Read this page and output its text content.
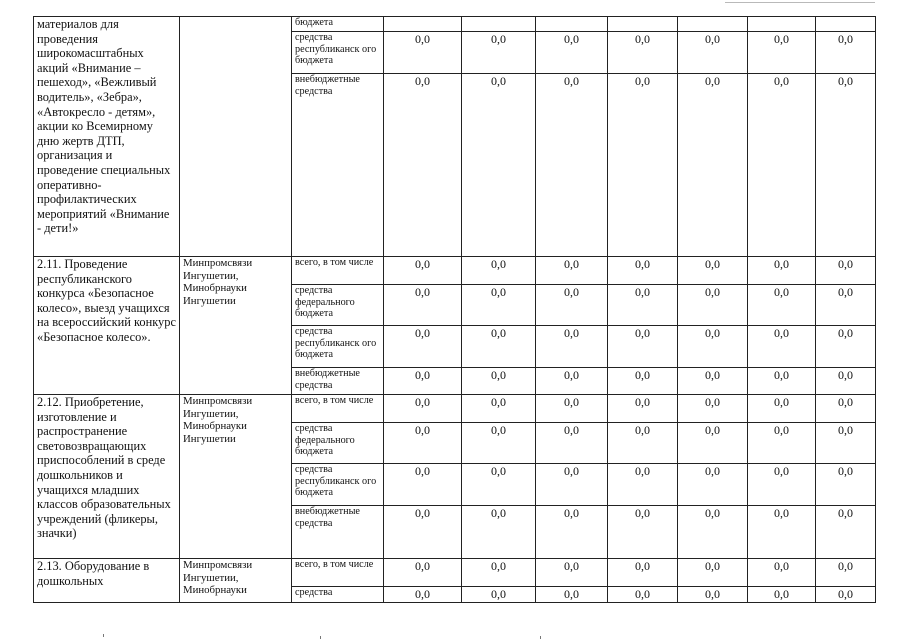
материалов для проведения широкомасштабных акций «Внимание – пешеход», «Вежливый водитель», «Зебра», «Автокресло - детям», акции ко Всемирному дню жертв ДТП, организация и проведение специальных оперативно-профилактических мероприятий «Внимание - дети!»		бюджета							
		средства республиканск ого бюджета	0,0	0,0	0,0	0,0	0,0	0,0	0,0
		внебюджетные средства	0,0	0,0	0,0	0,0	0,0	0,0	0,0
2.11. Проведение республиканского конкурса «Безопасное колесо», выезд учащихся на всероссийский конкурс «Безопасное колесо».	Минпромсвязи Ингушетии, Минобрнауки Ингушетии	всего, в том числе	0,0	0,0	0,0	0,0	0,0	0,0	0,0
		средства федерального бюджета	0,0	0,0	0,0	0,0	0,0	0,0	0,0
		средства республиканск ого бюджета	0,0	0,0	0,0	0,0	0,0	0,0	0,0
		внебюджетные средства	0,0	0,0	0,0	0,0	0,0	0,0	0,0
2.12. Приобретение, изготовление и распространение световозвращающих приспособлений в среде дошкольников и учащихся младших классов образовательных учреждений (фликеры, значки)	Минпромсвязи Ингушетии, Минобрнауки Ингушетии	всего, в том числе	0,0	0,0	0,0	0,0	0,0	0,0	0,0
		средства федерального бюджета	0,0	0,0	0,0	0,0	0,0	0,0	0,0
		средства республиканск ого бюджета	0,0	0,0	0,0	0,0	0,0	0,0	0,0
		внебюджетные средства	0,0	0,0	0,0	0,0	0,0	0,0	0,0
2.13. Оборудование в дошкольных	Минпромсвязи Ингушетии, Минобрнауки	всего, в том числе	0,0	0,0	0,0	0,0	0,0	0,0	0,0
		средства	0,0	0,0	0,0	0,0	0,0	0,0	0,0
